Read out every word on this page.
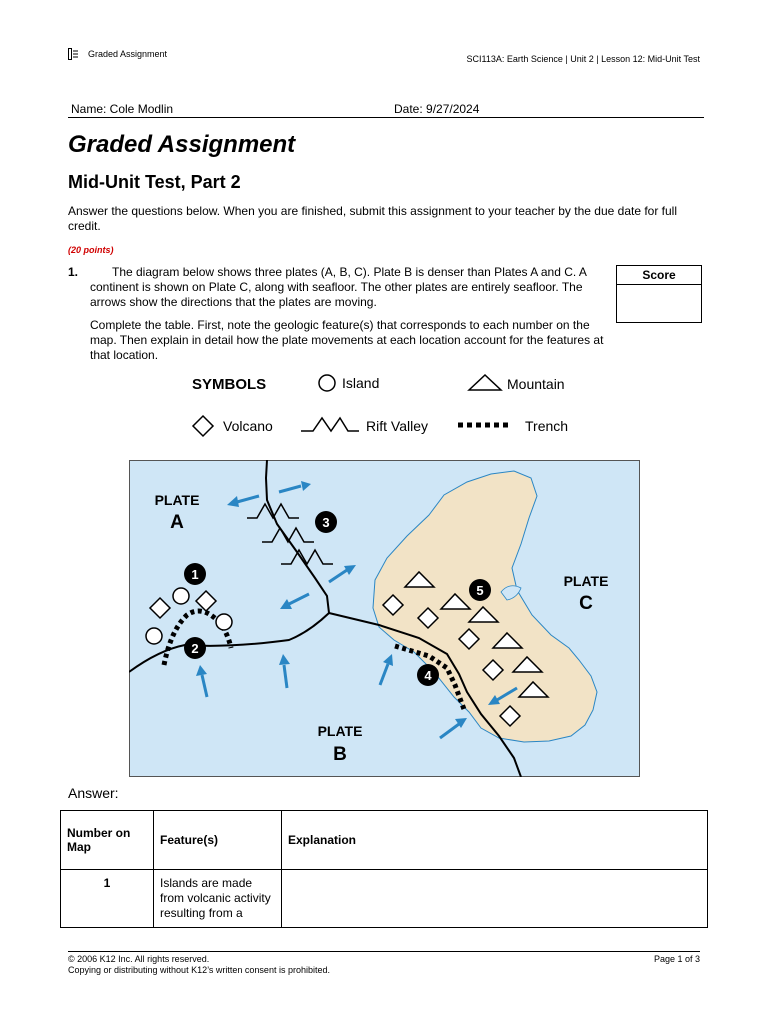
Graded Assignment	SCI113A: Earth Science | Unit 2 | Lesson 12: Mid-Unit Test
Name: Cole Modlin	Date: 9/27/2024
Graded Assignment
Mid-Unit Test, Part 2
Answer the questions below. When you are finished, submit this assignment to your teacher by the due date for full credit.
(20 points)
1.	The diagram below shows three plates (A, B, C). Plate B is denser than Plates A and C. A continent is shown on Plate C, along with seafloor. The other plates are entirely seafloor. The arrows show the directions that the plates are moving.

Complete the table. First, note the geologic feature(s) that corresponds to each number on the map. Then explain in detail how the plate movements at each location account for the features at that location.

Score
SYMBOLS	Island	Mountain
Volcano	Rift Valley	Trench
1
2
3
4
5
PLATE
A
PLATE
B
PLATE
C
Answer:
Number on Map	Feature(s)	Explanation
1	Islands are made from volcanic activity resulting from a	
© 2006 K12 Inc. All rights reserved.
Copying or distributing without K12’s written consent is prohibited.
Page 1 of 3
